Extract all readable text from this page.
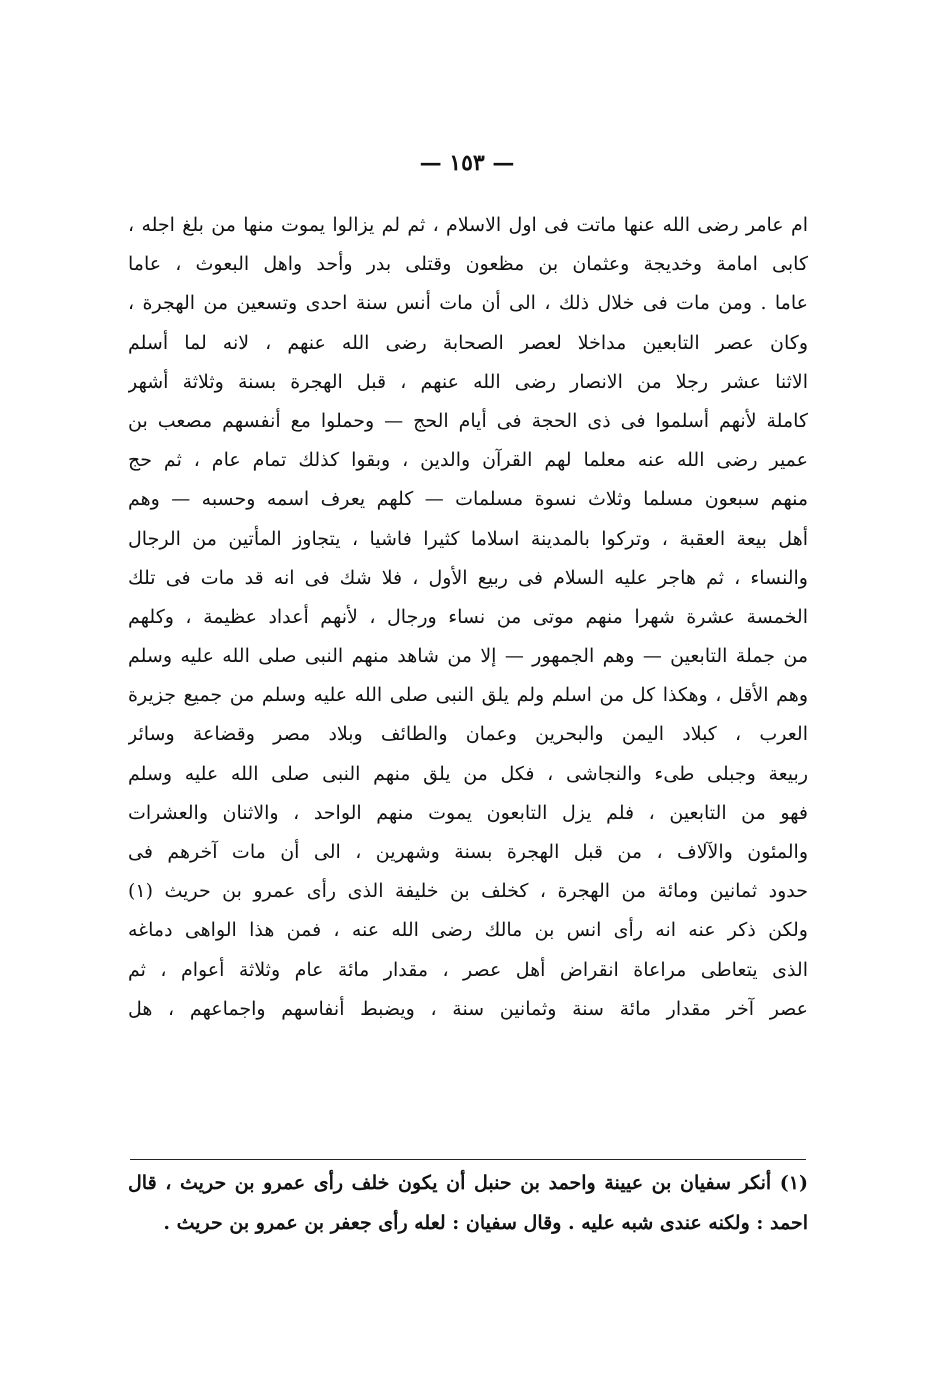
— ١٥٣ —
ام عامر رضى الله عنها ماتت فى اول الاسلام ، ثم لم يزالوا يموت منها من بلغ اجله ،
كابى امامة وخديجة وعثمان بن مظعون وقتلى بدر وأحد واهل البعوث ، عاما
عاما . ومن مات فى خلال ذلك ، الى أن مات أنس سنة احدى وتسعين من الهجرة ،
وكان عصر التابعين مداخلا لعصر الصحابة رضى الله عنهم ، لانه لما أسلم
الاثنا عشر رجلا من الانصار رضى الله عنهم ، قبل الهجرة بسنة وثلاثة أشهر
كاملة لأنهم أسلموا فى ذى الحجة فى أيام الحج — وحملوا مع أنفسهم مصعب بن
عمير رضى الله عنه معلما لهم القرآن والدين ، وبقوا كذلك تمام عام ، ثم حج
منهم سبعون مسلما وثلاث نسوة مسلمات — كلهم يعرف اسمه وحسبه — وهم
أهل بيعة العقبة ، وتركوا بالمدينة اسلاما كثيرا فاشيا ، يتجاوز المأتين من الرجال
والنساء ، ثم هاجر عليه السلام فى ربيع الأول ، فلا شك فى انه قد مات فى تلك
الخمسة عشرة شهرا منهم موتى من نساء ورجال ، لأنهم أعداد عظيمة ، وكلهم
من جملة التابعين — وهم الجمهور — إلا من شاهد منهم النبى صلى الله عليه وسلم
وهم الأقل ، وهكذا كل من اسلم ولم يلق النبى صلى الله عليه وسلم من جميع جزيرة
العرب ، كبلاد اليمن والبحرين وعمان والطائف وبلاد مصر وقضاعة وسائر
ربيعة وجبلى طىء والنجاشى ، فكل من يلق منهم النبى صلى الله عليه وسلم
فهو من التابعين ، فلم يزل التابعون يموت منهم الواحد ، والاثنان والعشرات
والمئون والآلاف ، من قبل الهجرة بسنة وشهرين ، الى أن مات آخرهم فى
حدود ثمانين ومائة من الهجرة ، كخلف بن خليفة الذى رأى عمرو بن حريث (١)
ولكن ذكر عنه انه رأى انس بن مالك رضى الله عنه ، فمن هذا الواهى دماغه
الذى يتعاطى مراعاة انقراض أهل عصر ، مقدار مائة عام وثلاثة أعوام ، ثم
عصر آخر مقدار مائة سنة وثمانين سنة ، ويضبط أنفاسهم واجماعهم ، هل
(١) أنكر سفيان بن عيينة واحمد بن حنبل أن يكون خلف رأى عمرو بن حريث ، قال
احمد : ولكنه عندى شبه عليه . وقال سفيان : لعله رأى جعفر بن عمرو بن حريث .
